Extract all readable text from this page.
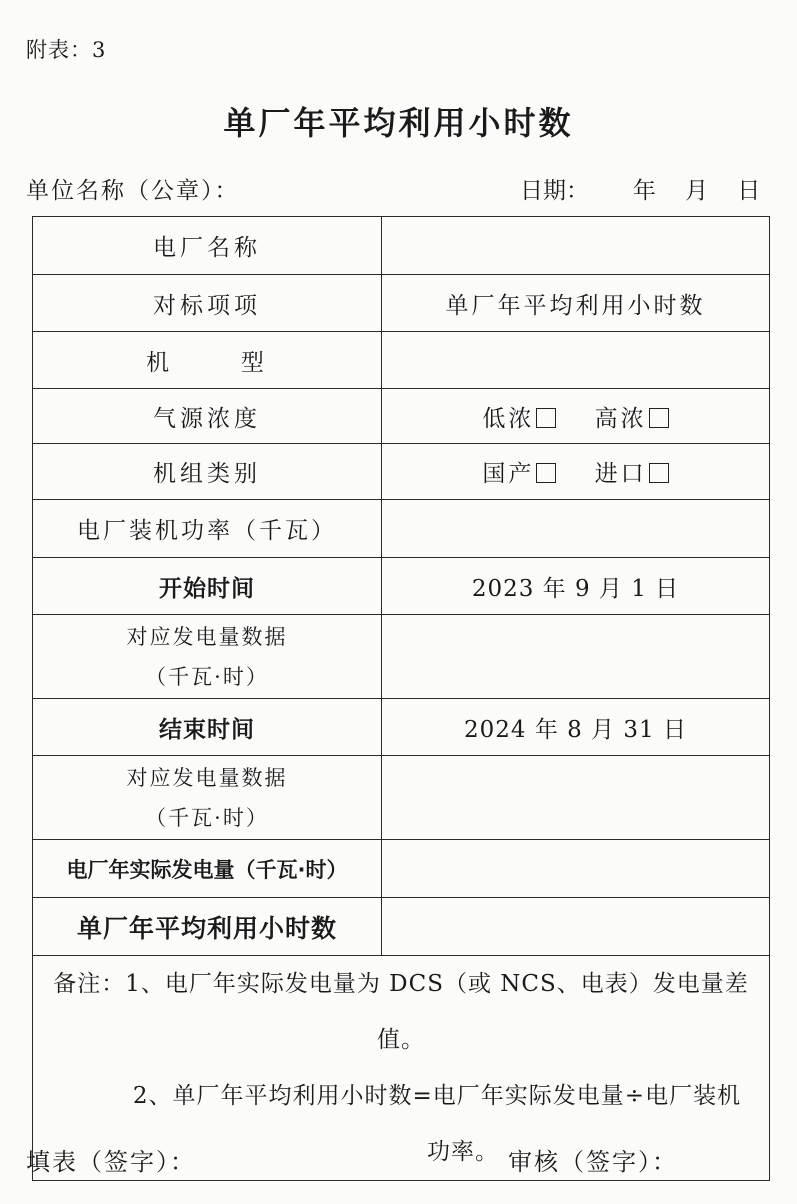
附表：3
单厂年平均利用小时数
单位名称（公章）：	日期：      年    月    日
电厂名称	
对标项项	单厂年平均利用小时数
机      型	
气源浓度	低浓 高浓
机组类别	国产 进口
电厂装机功率（千瓦）	
开始时间	2023 年 9 月 1 日

对应发电量数据
（千瓦·时）	

结束时间	2024 年 8 月 31 日

对应发电量数据
（千瓦·时）	

电厂年实际发电量（千瓦·时）	
单厂年平均利用小时数	

备注：1、电厂年实际发电量为 DCS（或 NCS、电表）发电量差值。
2、单厂年平均利用小时数=电厂年实际发电量÷电厂装机
功率。	
填表（签字）：	审核（签字）：
